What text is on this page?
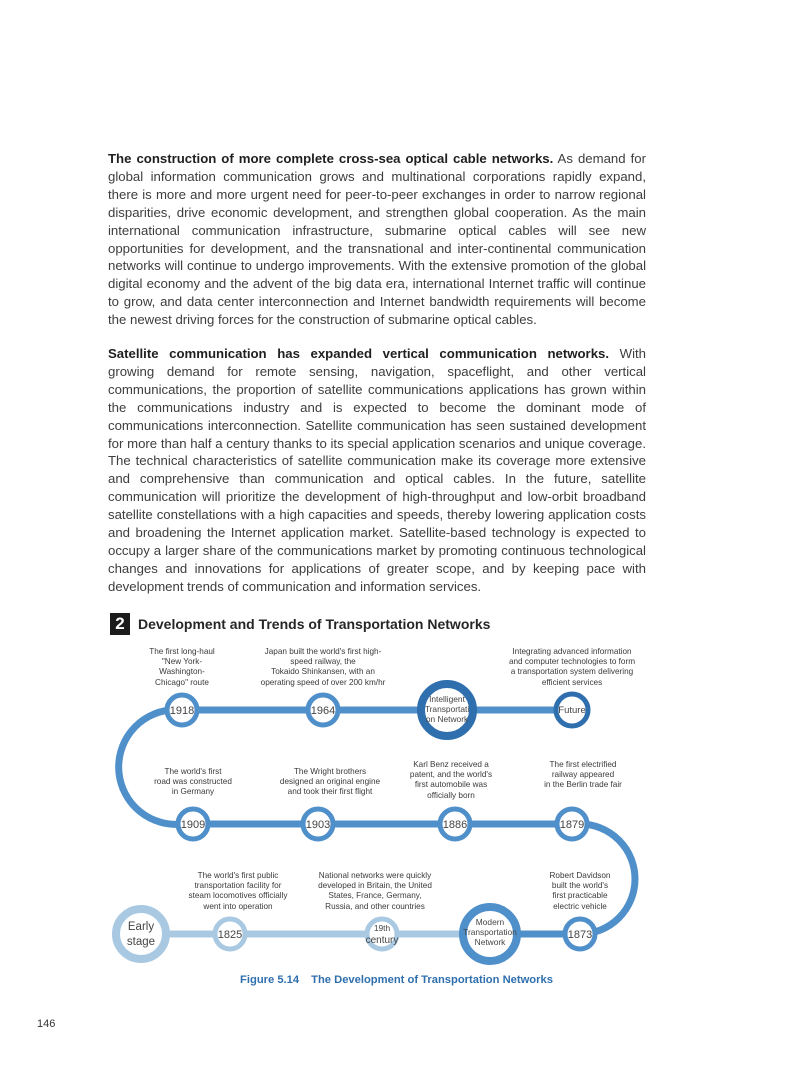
The construction of more complete cross-sea optical cable networks. As demand for global information communication grows and multinational corporations rapidly expand, there is more and more urgent need for peer-to-peer exchanges in order to narrow regional disparities, drive economic development, and strengthen global cooperation. As the main international communication infrastructure, submarine optical cables will see new opportunities for development, and the transnational and inter-continental communication networks will continue to undergo improvements. With the extensive promotion of the global digital economy and the advent of the big data era, international Internet traffic will continue to grow, and data center interconnection and Internet bandwidth requirements will become the newest driving forces for the construction of submarine optical cables.

Satellite communication has expanded vertical communication networks. With growing demand for remote sensing, navigation, spaceflight, and other vertical communications, the proportion of satellite communications applications has grown within the communications industry and is expected to become the dominant mode of communications interconnection. Satellite communication has seen sustained development for more than half a century thanks to its special application scenarios and unique coverage. The technical characteristics of satellite communication make its coverage more extensive and comprehensive than communication and optical cables. In the future, satellite communication will prioritize the development of high-throughput and low-orbit broadband satellite constellations with a high capacities and speeds, thereby lowering application costs and broadening the Internet application market. Satellite-based technology is expected to occupy a larger share of the communications market by promoting continuous technological changes and innovations for applications of greater scope, and by keeping pace with development trends of communication and information services.

2 Development and Trends of Transportation Networks
1918	1964
Intelligent
Transportati
on Network
Future
The first long-haul
"New York-
Washington-
Chicago" route
Japan built the world's first high-
speed railway, the
Tokaido Shinkansen, with an
operating speed of over 200 km/hr
Integrating advanced information
and computer technologies to form
a transportation system delivering
efficient services
1909	1903	1886	1879
The world's first
road was constructed
in Germany
The Wright brothers
designed an original engine
and took their first flight
Karl Benz received a
patent, and the world's
first automobile was
officially born
The first electrified
railway appeared
in the Berlin trade fair
Early
stage
1825
19th
century
Modern
Transportation
Network
1873
The world's first public
transportation facility for
steam locomotives officially
went into operation
National networks were quickly
developed in Britain, the United
States, France, Germany,
Russia, and other countries
Robert Davidson
built the world's
first practicable
electric vehicle
Figure 5.14 The Development of Transportation Networks
146
